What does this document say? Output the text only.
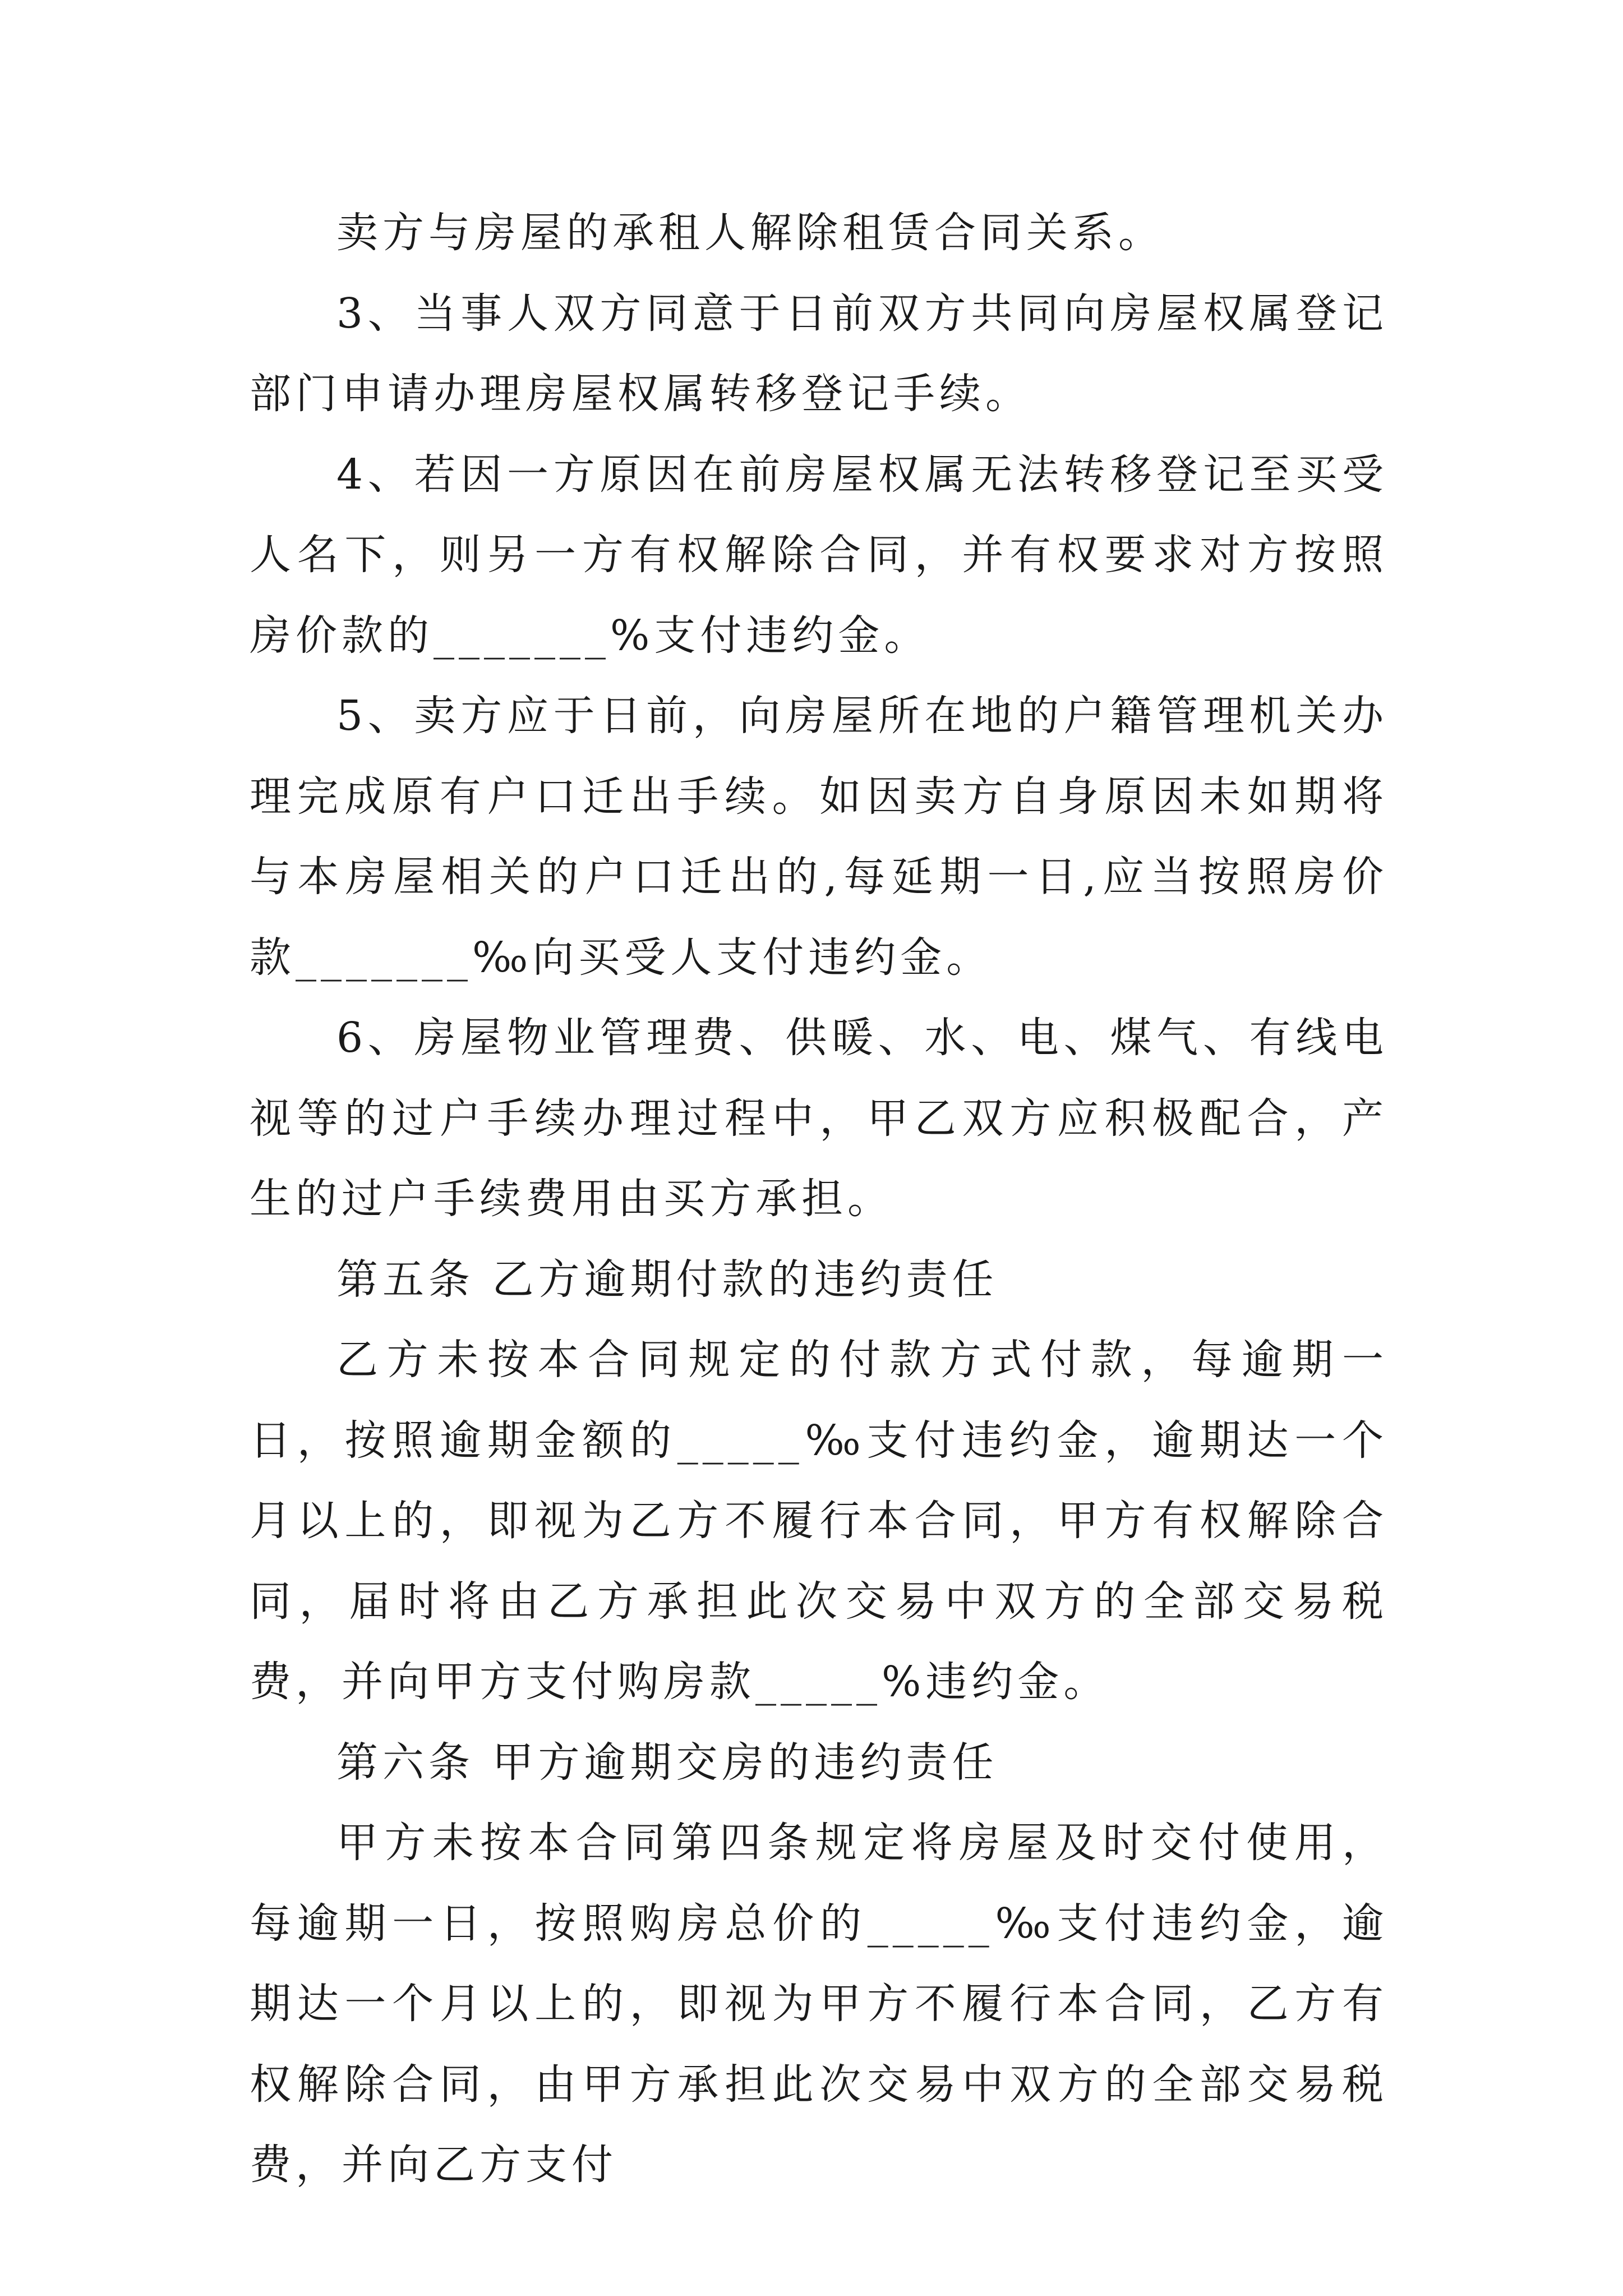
卖方与房屋的承租人解除租赁合同关系。

3、当事人双方同意于日前双方共同向房屋权属登记部门申请办理房屋权属转移登记手续。

4、若因一方原因在前房屋权属无法转移登记至买受人名下，则另一方有权解除合同，并有权要求对方按照房价款的_______%支付违约金。

5、卖方应于日前，向房屋所在地的户籍管理机关办理完成原有户口迁出手续。如因卖方自身原因未如期将与本房屋相关的户口迁出的,每延期一日,应当按照房价款_______‰向买受人支付违约金。

6、房屋物业管理费、供暖、水、电、煤气、有线电视等的过户手续办理过程中，甲乙双方应积极配合，产生的过户手续费用由买方承担。

第五条 乙方逾期付款的违约责任

乙方未按本合同规定的付款方式付款，每逾期一日，按照逾期金额的_____‰支付违约金，逾期达一个月以上的，即视为乙方不履行本合同，甲方有权解除合同，届时将由乙方承担此次交易中双方的全部交易税费，并向甲方支付购房款_____%违约金。

第六条 甲方逾期交房的违约责任

甲方未按本合同第四条规定将房屋及时交付使用，每逾期一日，按照购房总价的_____‰支付违约金，逾期达一个月以上的，即视为甲方不履行本合同，乙方有权解除合同，由甲方承担此次交易中双方的全部交易税费，并向乙方支付
